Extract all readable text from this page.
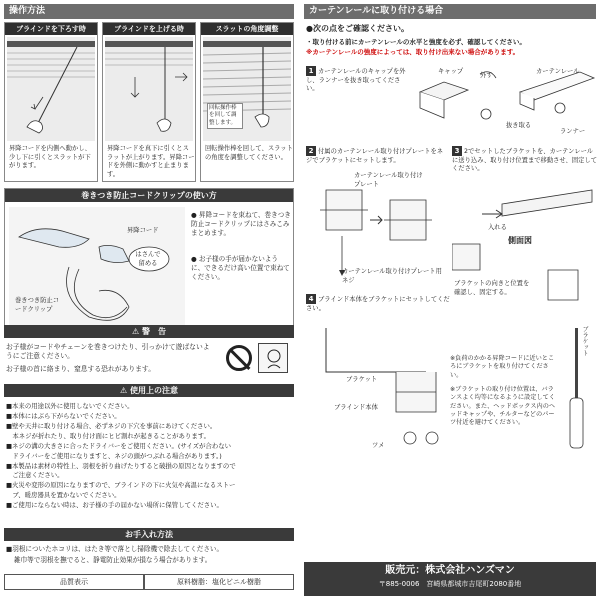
操作方法
ブラインドを下ろす時
昇降コードを内側へ動かし、少し下に引くとスラットが下がります。
ブラインドを上げる時
昇降コードを真下に引くとスラットが上がります。昇降コードを外側に動かすと止まります。
スラットの角度調整
回転操作棒を回して調整します。
回転操作棒を回して、スラットの角度を調整してください。
巻きつき防止コードクリップの使い方
昇降コード
はさんで留める
巻きつき防止コードクリップ
● 昇降コードを束ねて、巻きつき防止コードクリップにはさみこみまとめます。
● お子様の手が届かないように、できるだけ高い位置で束ねてください。
⚠ 警　告
お子様がコードやチェーンを巻きつけたり、引っかけて遊ばないようにご注意ください。
お子様の首に絡まり、窒息する恐れがあります。
⚠ 使用上の注意
■本来の用途以外に使用しないでください。
■本体にはぶら下がらないでください。
■壁や天井に取り付ける場合、必ずネジの下穴を事前にあけてください。
　本ネジが折れたり、取り付け面にヒビ割れが起きることがあります。
■ネジの溝の大きさに合ったドライバーをご使用ください。(サイズが合わない
　ドライバーをご使用になりますと、ネジの頭がつぶれる場合があります。)
■本製品は素材の特性上、羽根を折り曲げたりすると破損の原因となりますので
　ご注意ください。
■火災や変形の原因になりますので、ブラインドの下に火気や高温になるストー
　ブ、暖房器具を置かないでください。
■ご使用にならない時は、お子様の手の届かない場所に保管してください。
お手入れ方法
■羽根についたホコリは、はたき等で落とし掃除機で除去してください。
雑巾等で羽根を撫でると、静電防止効果が損なう場合があります。
品質表示	原料樹脂：塩化ビニル樹脂
カーテンレールに取り付ける場合
●次の点をご確認ください。
・取り付ける前にカーテンレールの水平と強度を必ず、確認してください。
※カーテンレールの強度によっては、取り付け出来ない場合があります。
1 カーテンレールのキャップを外し、ランナーを抜き取ってください。
キャップ
外す
カーテンレール
抜き取る
ランナー
2 付属のカーテンレール取り付けプレートをネジでブラケットにセットします。
カーテンレール取り付けプレート
カーテンレール取り付けプレート用ネジ
3 2でセットしたブラケットを、カーテンレールに送り込み、取り付け位置まで移動させ、固定してください。
入れる
側面図
ブラケットの向きと位置を確認し、固定する。
4 ブラインド本体をブラケットにセットしてください。
ブラケット
ブラインド本体
ツメ
※負荷のかかる昇降コードに近いところにブラケットを取り付けてください。
※ブラケットの取り付け位置は、バランスよく均等になるように設定してください。また、ヘッドボックス内のヘッドキャップや、チルターなどのパーツ付近を避けてください。
ブラケット
販売元：株式会社ハンズマン
〒885-0006　宮崎県都城市吉尾町2080番地
